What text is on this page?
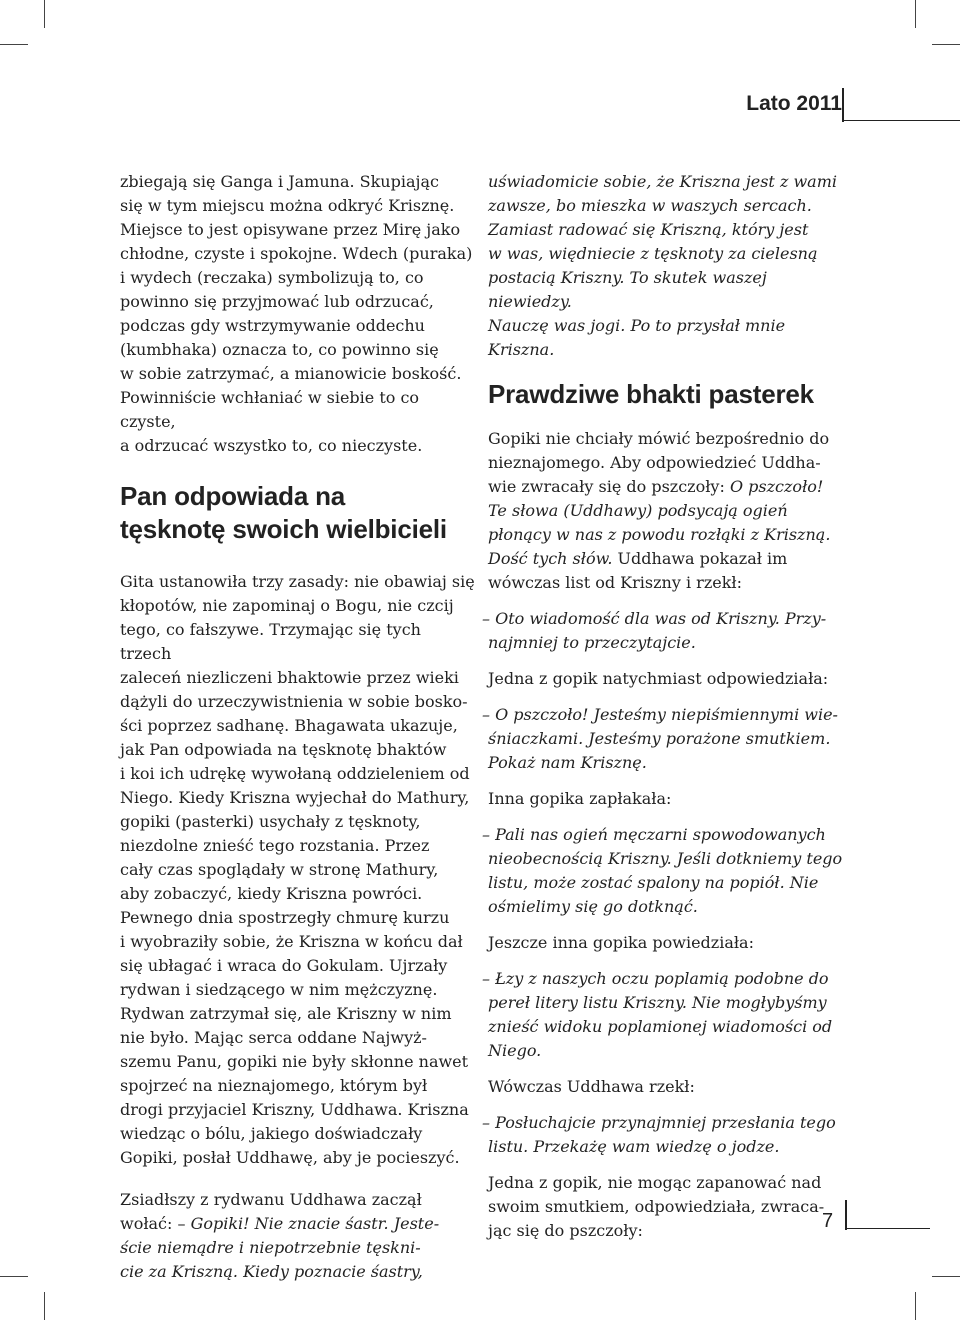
Lato 2011

zbiegają się Ganga i Jamuna. Skupiając
się w tym miejscu można odkryć Krisznę.
Miejsce to jest opisywane przez Mirę jako
chłodne, czyste i spokojne. Wdech (puraka)
i wydech (reczaka) symbolizują to, co
powinno się przyjmować lub odrzucać,
podczas gdy wstrzymywanie oddechu
(kumbhaka) oznacza to, co powinno się
w sobie zatrzymać, a mianowicie boskość.
Powinniście wchłaniać w siebie to co czyste,
a odrzucać wszystko to, co nieczyste.

Pan odpowiada na
tęsknotę swoich wielbicieli

Gita ustanowiła trzy zasady: nie obawiaj się
kłopotów, nie zapominaj o Bogu, nie czcij
tego, co fałszywe. Trzymając się tych trzech
zaleceń niezliczeni bhaktowie przez wieki
dążyli do urzeczywistnienia w sobie bosko-
ści poprzez sadhanę. Bhagawata ukazuje,
jak Pan odpowiada na tęsknotę bhaktów
i koi ich udrękę wywołaną oddzieleniem od
Niego. Kiedy Kriszna wyjechał do Mathury,
gopiki (pasterki) usychały z tęsknoty,
niezdolne znieść tego rozstania. Przez
cały czas spoglądały w stronę Mathury,
aby zobaczyć, kiedy Kriszna powróci.
Pewnego dnia spostrzegły chmurę kurzu
i wyobraziły sobie, że Kriszna w końcu dał
się ubłagać i wraca do Gokulam. Ujrzały
rydwan i siedzącego w nim mężczyznę.
Rydwan zatrzymał się, ale Kriszny w nim
nie było. Mając serca oddane Najwyż-
szemu Panu, gopiki nie były skłonne nawet
spojrzeć na nieznajomego, którym był
drogi przyjaciel Kriszny, Uddhawa. Kriszna
wiedząc o bólu, jakiego doświadczały
Gopiki, posłał Uddhawę, aby je pocieszyć.

Zsiadłszy z rydwanu Uddhawa zaczął
wołać: – Gopiki! Nie znacie śastr. Jeste-
ście niemądre i niepotrzebnie tęskni-
cie za Kriszną. Kiedy poznacie śastry,

uświadomicie sobie, że Kriszna jest z wami
zawsze, bo mieszka w waszych sercach.
Zamiast radować się Kriszną, który jest
w was, więdniecie z tęsknoty za cielesną
postacią Kriszny. To skutek waszej niewiedzy.
Nauczę was jogi. Po to przysłał mnie Kriszna.

Prawdziwe bhakti pasterek

Gopiki nie chciały mówić bezpośrednio do
nieznajomego. Aby odpowiedzieć Uddha-
wie zwracały się do pszczoły: O pszczoło!
Te słowa (Uddhawy) podsycają ogień
płonący w nas z powodu rozłąki z Kriszną.
Dość tych słów. Uddhawa pokazał im
wówczas list od Kriszny i rzekł:

– Oto wiadomość dla was od Kriszny. Przy-
najmniej to przeczytajcie.

Jedna z gopik natychmiast odpowiedziała:

– O pszczoło! Jesteśmy niepiśmiennymi wie-
śniaczkami. Jesteśmy porażone smutkiem.
Pokaż nam Krisznę.

Inna gopika zapłakała:

– Pali nas ogień męczarni spowodowanych
nieobecnością Kriszny. Jeśli dotkniemy tego
listu, może zostać spalony na popiół. Nie
ośmielimy się go dotknąć.

Jeszcze inna gopika powiedziała:

– Łzy z naszych oczu poplamią podobne do
pereł litery listu Kriszny. Nie mogłybyśmy
znieść widoku poplamionej wiadomości od
Niego.

Wówczas Uddhawa rzekł:

– Posłuchajcie przynajmniej przesłania tego
listu. Przekażę wam wiedzę o jodze.

Jedna z gopik, nie mogąc zapanować nad
swoim smutkiem, odpowiedziała, zwraca-
jąc się do pszczoły:	7
